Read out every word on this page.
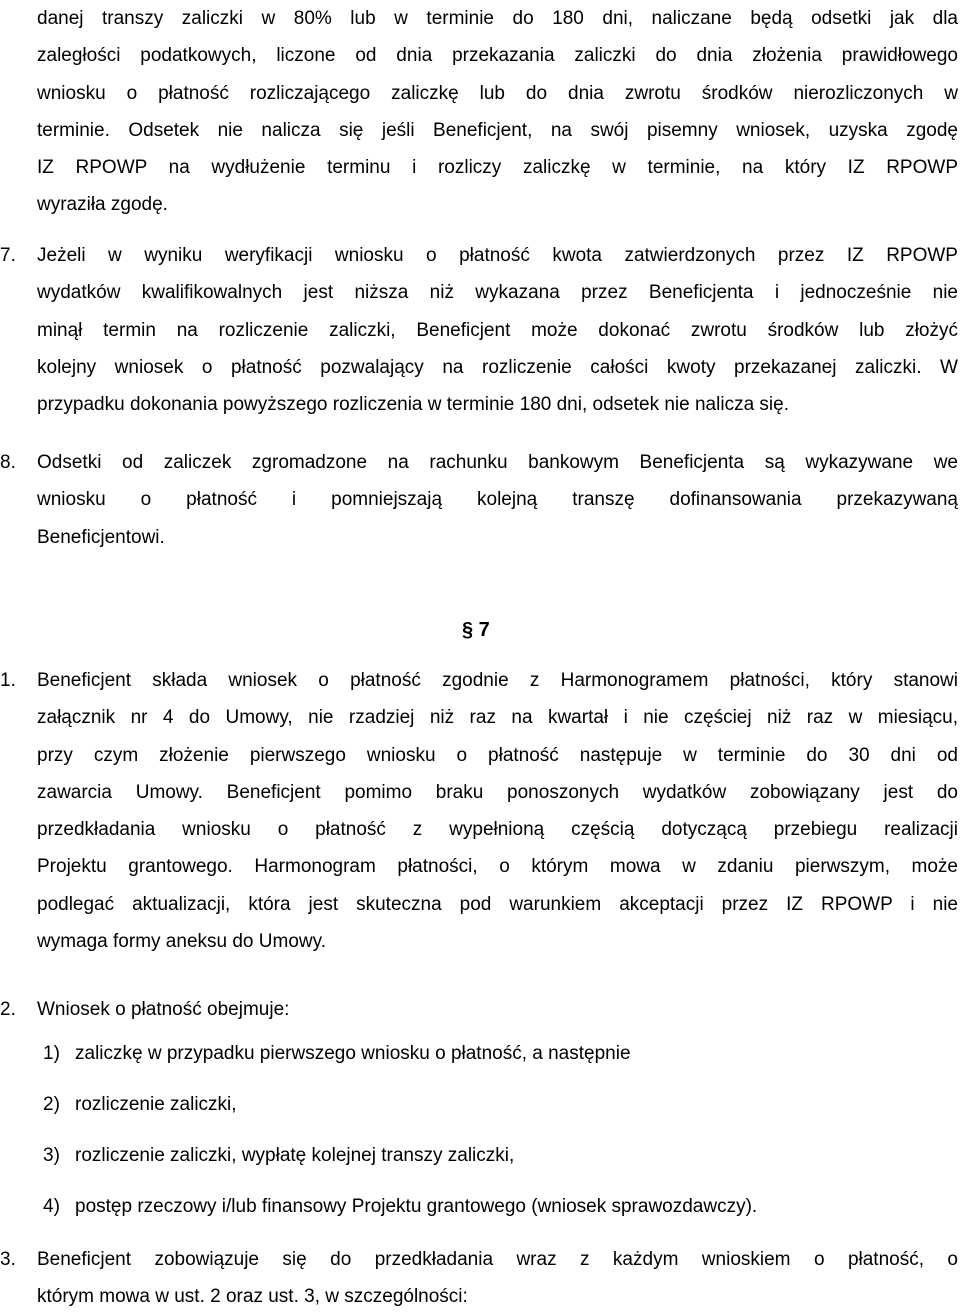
danej transzy zaliczki w 80% lub w terminie do 180 dni, naliczane będą odsetki jak dla
zaległości podatkowych, liczone od dnia przekazania zaliczki do dnia złożenia prawidłowego
wniosku o płatność rozliczającego zaliczkę lub do dnia zwrotu środków nierozliczonych w
terminie. Odsetek nie nalicza się jeśli Beneficjent, na swój pisemny wniosek, uzyska zgodę
IZ RPOWP na wydłużenie terminu i rozliczy zaliczkę w terminie, na który IZ RPOWP
wyraziła zgodę.
7.	Jeżeli w wyniku weryfikacji wniosku o płatność kwota zatwierdzonych przez IZ RPOWP
wydatków kwalifikowalnych jest niższa niż wykazana przez Beneficjenta i jednocześnie nie
minął termin na rozliczenie zaliczki, Beneficjent może dokonać zwrotu środków lub złożyć
kolejny wniosek o płatność pozwalający na rozliczenie całości kwoty przekazanej zaliczki. W
przypadku dokonania powyższego rozliczenia w terminie 180 dni, odsetek nie nalicza się.
8.	Odsetki od zaliczek zgromadzone na rachunku bankowym Beneficjenta są wykazywane we
wniosku o płatność i pomniejszają kolejną transzę dofinansowania przekazywaną
Beneficjentowi.
§ 7
1.	Beneficjent składa wniosek o płatność zgodnie z Harmonogramem płatności, który stanowi
załącznik nr 4 do Umowy, nie rzadziej niż raz na kwartał i nie częściej niż raz w miesiącu,
przy czym złożenie pierwszego wniosku o płatność następuje w terminie do 30 dni od
zawarcia Umowy. Beneficjent pomimo braku ponoszonych wydatków zobowiązany jest do
przedkładania wniosku o płatność z wypełnioną częścią dotyczącą przebiegu realizacji
Projektu grantowego. Harmonogram płatności, o którym mowa w zdaniu pierwszym, może
podlegać aktualizacji, która jest skuteczna pod warunkiem akceptacji przez IZ RPOWP i nie
wymaga formy aneksu do Umowy.
2.	Wniosek o płatność obejmuje:
1) zaliczkę w przypadku pierwszego wniosku o płatność, a następnie
2) rozliczenie zaliczki,
3) rozliczenie zaliczki, wypłatę kolejnej transzy zaliczki,
4) postęp rzeczowy i/lub finansowy Projektu grantowego (wniosek sprawozdawczy).
3.	Beneficjent zobowiązuje się do przedkładania wraz z każdym wnioskiem o płatność, o
którym mowa w ust. 2 oraz ust. 3, w szczególności:
